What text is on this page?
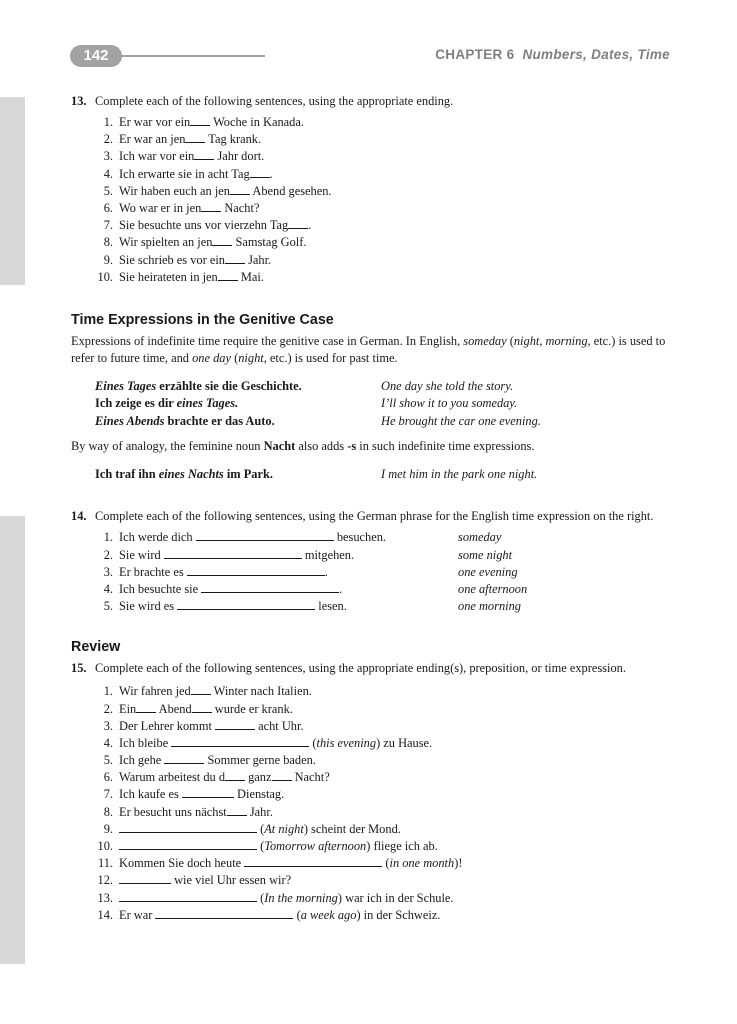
142	CHAPTER 6 Numbers, Dates, Time
13. Complete each of the following sentences, using the appropriate ending.
1. Er war vor ein Woche in Kanada.
2. Er war an jen Tag krank.
3. Ich war vor ein Jahr dort.
4. Ich erwarte sie in acht Tag .
5. Wir haben euch an jen Abend gesehen.
6. Wo war er in jen Nacht?
7. Sie besuchte uns vor vierzehn Tag .
8. Wir spielten an jen Samstag Golf.
9. Sie schrieb es vor ein Jahr.
10. Sie heirateten in jen Mai.
Time Expressions in the Genitive Case

Expressions of indefinite time require the genitive case in German. In English, someday (night, morning, etc.) is used to refer to future time, and one day (night, etc.) is used for past time.

Eines Tages erzählte sie die Geschichte.	One day she told the story.
Ich zeige es dir eines Tages.	I’ll show it to you someday.
Eines Abends brachte er das Auto.	He brought the car one evening.

By way of analogy, the feminine noun Nacht also adds -s in such indefinite time expressions.

Ich traf ihn eines Nachts im Park.	I met him in the park one night.
14. Complete each of the following sentences, using the German phrase for the English time expression on the right.
1. Ich werde dich	besuchen.	someday
2. Sie wird	mitgehen.	some night
3. Er brachte es	.	one evening
4. Ich besuchte sie	.	one afternoon
5. Sie wird es	lesen.	one morning
Review
15. Complete each of the following sentences, using the appropriate ending(s), preposition, or time expression.
1. Wir fahren jed Winter nach Italien.
2. Ein Abend wurde er krank.
3. Der Lehrer kommt	acht Uhr.
4. Ich bleibe	(this evening) zu Hause.
5. Ich gehe	Sommer gerne baden.
6. Warum arbeitest du d ganz Nacht?
7. Ich kaufe es	Dienstag.
8. Er besucht uns nächst Jahr.
9.	(At night) scheint der Mond.
10.	(Tomorrow afternoon) fliege ich ab.
11. Kommen Sie doch heute	(in one month)!
12.	wie viel Uhr essen wir?
13.	(In the morning) war ich in der Schule.
14. Er war	(a week ago) in der Schweiz.
